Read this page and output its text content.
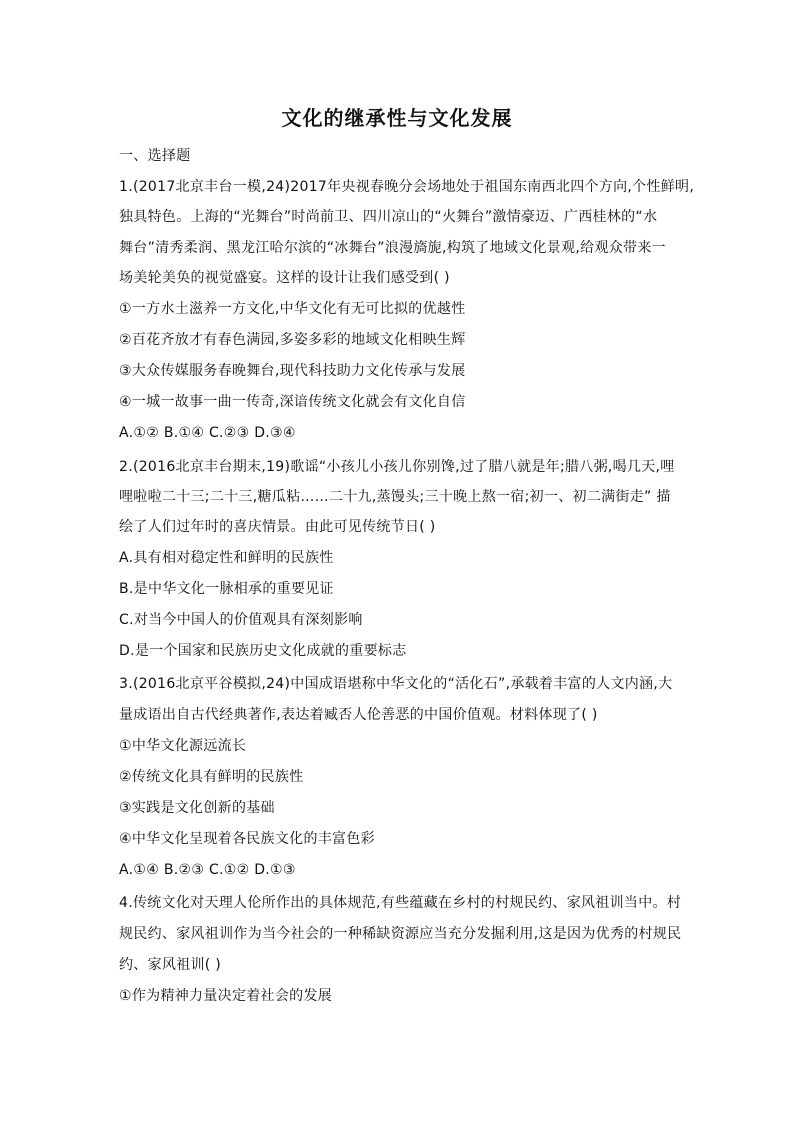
文化的继承性与文化发展
一、选择题
1.(2017北京丰台一模,24)2017年央视春晚分会场地处于祖国东南西北四个方向,个性鲜明,
独具特色。上海的“光舞台”时尚前卫、四川凉山的“火舞台”激情豪迈、广西桂林的“水
舞台”清秀柔润、黑龙江哈尔滨的“冰舞台”浪漫旖旎,构筑了地域文化景观,给观众带来一
场美轮美奂的视觉盛宴。这样的设计让我们感受到( )
①一方水土滋养一方文化,中华文化有无可比拟的优越性
②百花齐放才有春色满园,多姿多彩的地域文化相映生辉
③大众传媒服务春晚舞台,现代科技助力文化传承与发展
④一城一故事一曲一传奇,深谙传统文化就会有文化自信
A.①② B.①④ C.②③ D.③④
2.(2016北京丰台期末,19)歌谣“小孩儿小孩儿你别馋,过了腊八就是年;腊八粥,喝几天,哩
哩啦啦二十三;二十三,糖瓜粘……二十九,蒸馒头;三十晚上熬一宿;初一、初二满街走” 描
绘了人们过年时的喜庆情景。由此可见传统节日( )
A.具有相对稳定性和鲜明的民族性
B.是中华文化一脉相承的重要见证
C.对当今中国人的价值观具有深刻影响
D.是一个国家和民族历史文化成就的重要标志
3.(2016北京平谷模拟,24)中国成语堪称中华文化的“活化石”,承载着丰富的人文内涵,大
量成语出自古代经典著作,表达着臧否人伦善恶的中国价值观。材料体现了( )
①中华文化源远流长
②传统文化具有鲜明的民族性
③实践是文化创新的基础
④中华文化呈现着各民族文化的丰富色彩
A.①④ B.②③ C.①② D.①③
4.传统文化对天理人伦所作出的具体规范,有些蕴藏在乡村的村规民约、家风祖训当中。村
规民约、家风祖训作为当今社会的一种稀缺资源应当充分发掘利用,这是因为优秀的村规民
约、家风祖训( )
①作为精神力量决定着社会的发展
